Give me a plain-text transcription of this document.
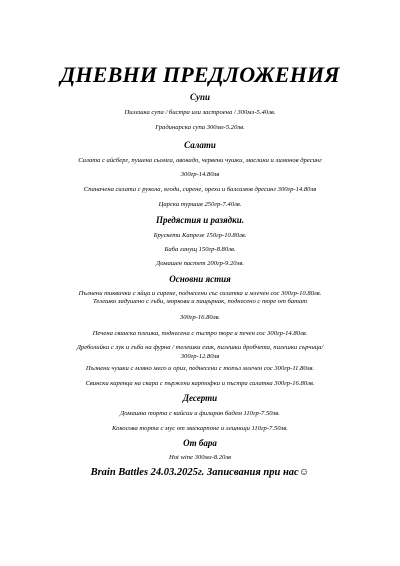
ДНЕВНИ ПРЕДЛОЖЕНИЯ
Супи
Пилешка супа / бистра или застроена / 300мл-5.40лв.
Градинарска супа 300мл-5.20лв.
Салати
Салата с айсберг, пушена сьомга, авокадо, червени чушки, маслини и лимонов дресинг
300гр-14.80лв
Спаначена салата с рукола, ягоди, сирене, орехи и балсамов дресинг 300гр-14.80лв
Царска туршия 250гр-7.40лв.
Предястия и разядки.
Брускети Капрезе 150гр-10.80лв.
Баба ганущ 150гр-8.80лв.
Домашен пастет 200гр-9.20лв.
Основни ястия
Пълнени тиквички с яйца и сирене, поднесени със салатка и млечен сос 300гр-10.80лв.
Телешко задушено с гъби, моркови и пащърнак, поднесено с пюре от батат
300гр-16.80лв.
Печена свинска плешка, поднесена с пъстро пюре и печен сос 300гр-14.80лв.
Дреболийки с лук и гъби на фурна / телешки език, пилешки дробчета, пилешки сърчица/ 300гр-12.80лв
Пълнени чушки с мляно месо и ориз, поднесени с топъл млечен сос 300гр-11.80лв.
Свински каренца на скара с пържени картофки и пъстра салатка 300гр-16.80лв.
Десерти
Домашна торта с кайсии и филиран бадем 110гр-7.50лв.
Кокосова торта с мус от маскарпоне и лешници 110гр-7.50лв.
От бара
Hot wine 300мл-8.20лв
Brain Battles 24.03.2025г. Записвания при нас☺
